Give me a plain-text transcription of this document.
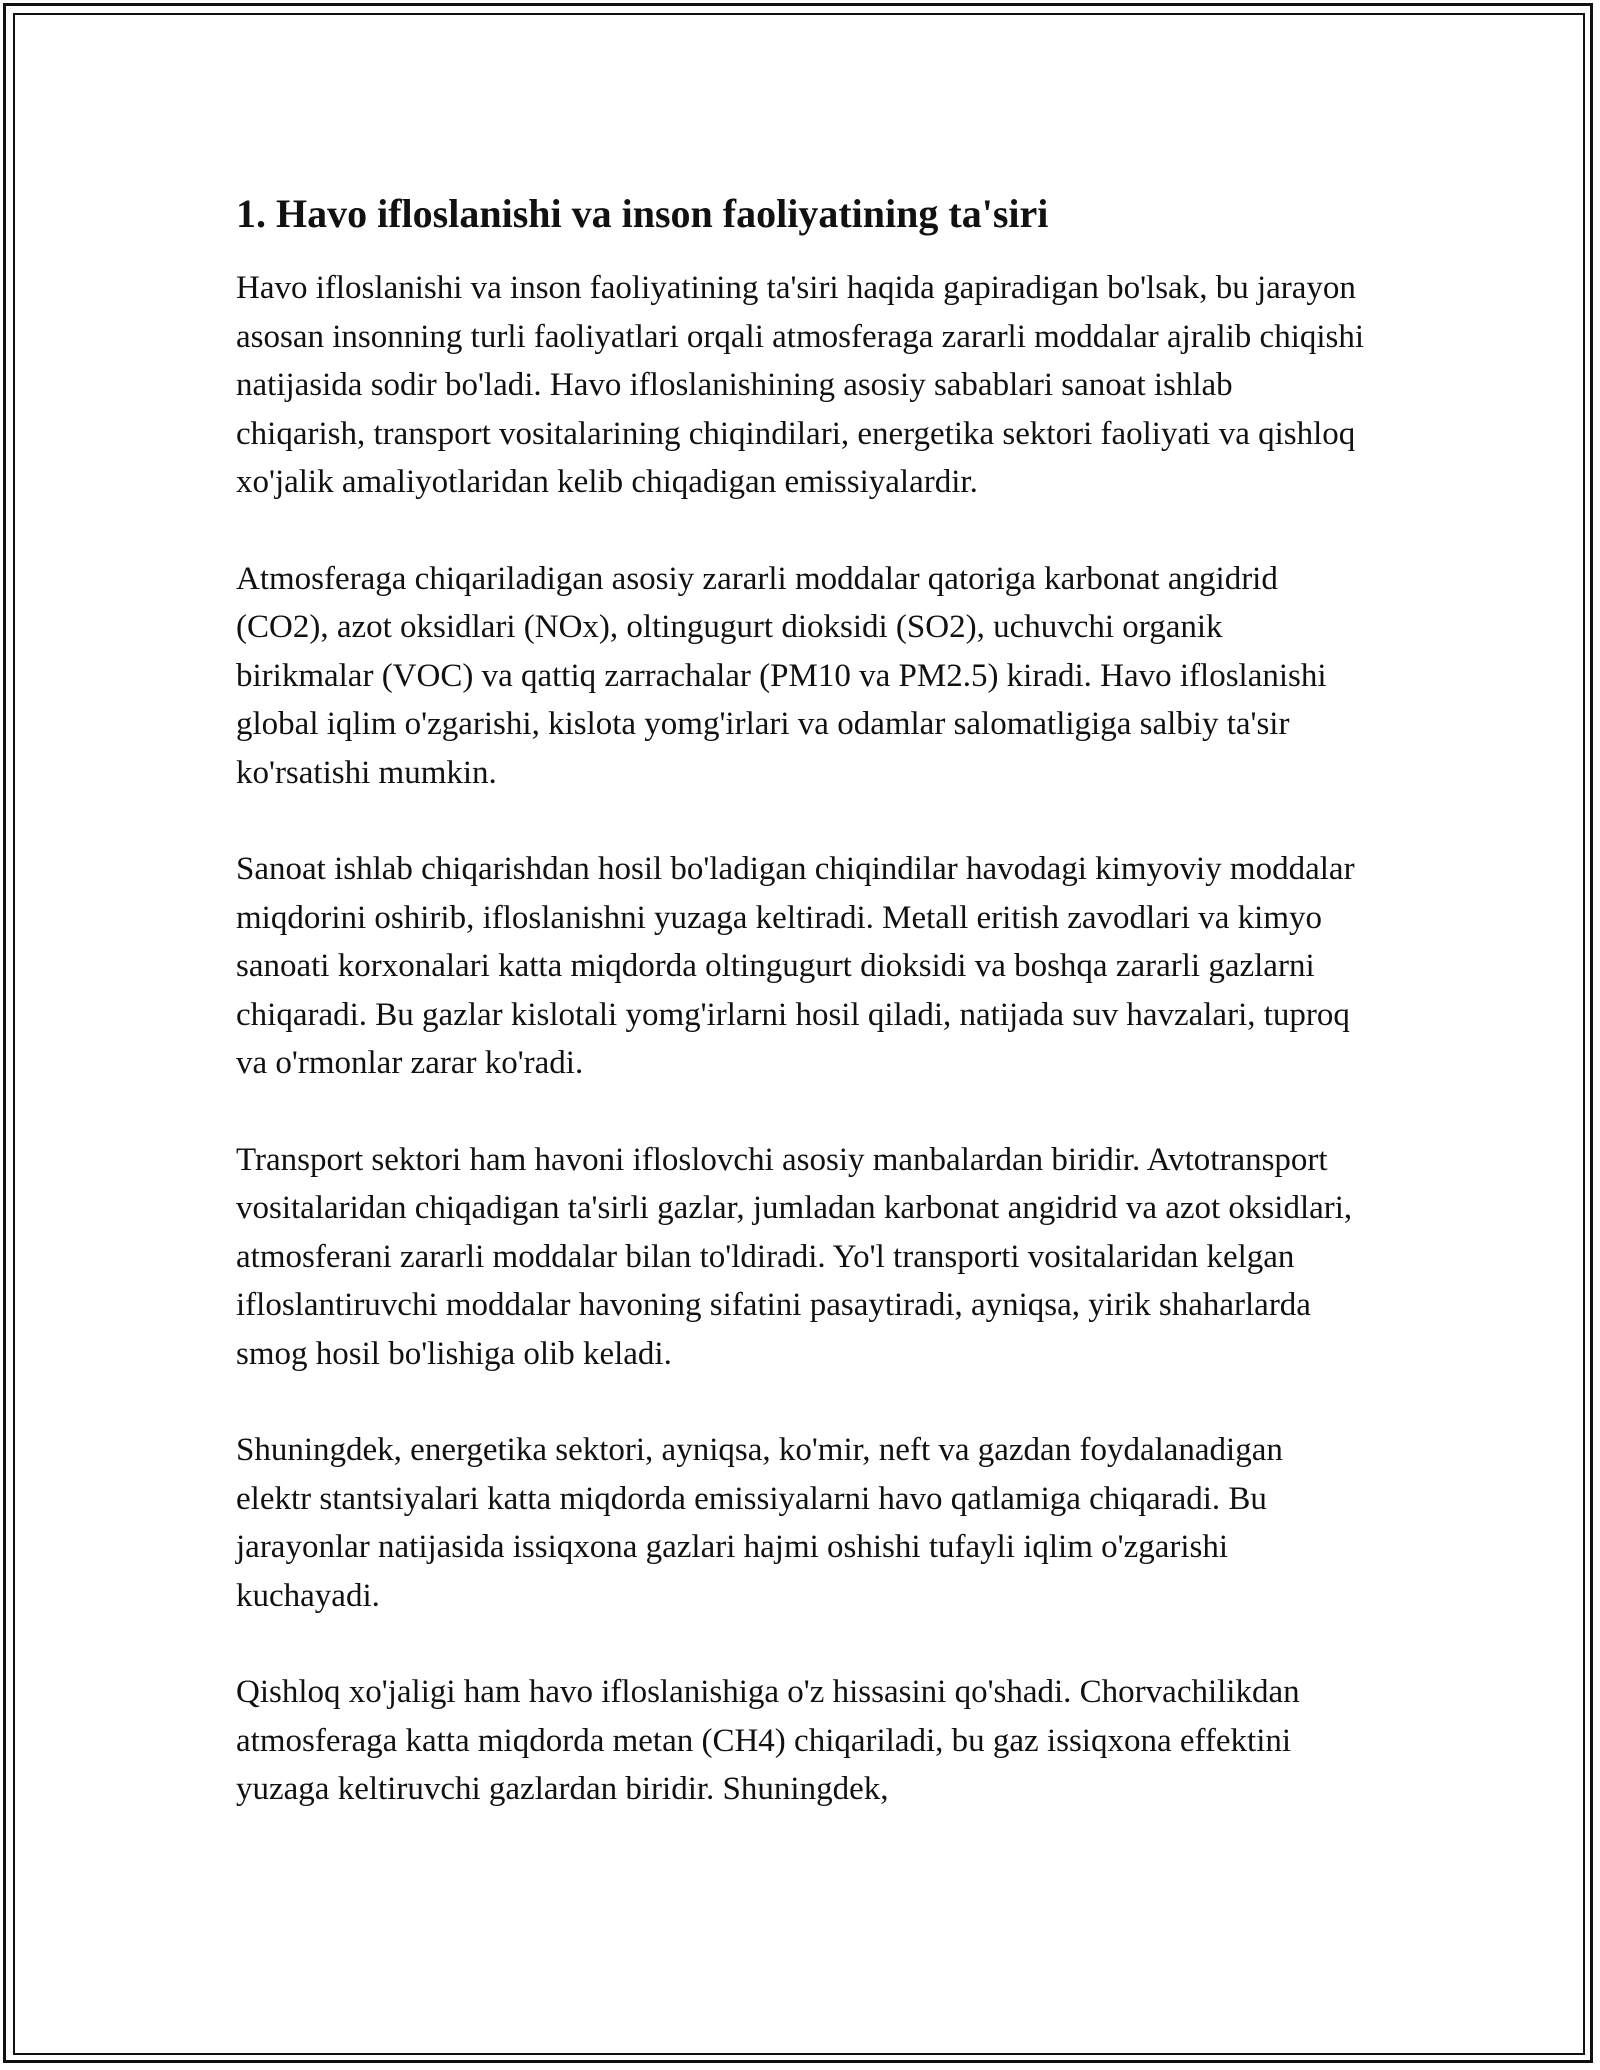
1. Havo ifloslanishi va inson faoliyatining ta'siri

Havo ifloslanishi va inson faoliyatining ta'siri haqida gapiradigan bo'lsak, bu jarayon asosan insonning turli faoliyatlari orqali atmosferaga zararli moddalar ajralib chiqishi natijasida sodir bo'ladi. Havo ifloslanishining asosiy sabablari sanoat ishlab chiqarish, transport vositalarining chiqindilari, energetika sektori faoliyati va qishloq xo'jalik amaliyotlaridan kelib chiqadigan emissiyalardir.

Atmosferaga chiqariladigan asosiy zararli moddalar qatoriga karbonat angidrid (CO2), azot oksidlari (NOx), oltingugurt dioksidi (SO2), uchuvchi organik birikmalar (VOC) va qattiq zarrachalar (PM10 va PM2.5) kiradi. Havo ifloslanishi global iqlim o'zgarishi, kislota yomg'irlari va odamlar salomatligiga salbiy ta'sir ko'rsatishi mumkin.

Sanoat ishlab chiqarishdan hosil bo'ladigan chiqindilar havodagi kimyoviy moddalar miqdorini oshirib, ifloslanishni yuzaga keltiradi. Metall eritish zavodlari va kimyo sanoati korxonalari katta miqdorda oltingugurt dioksidi va boshqa zararli gazlarni chiqaradi. Bu gazlar kislotali yomg'irlarni hosil qiladi, natijada suv havzalari, tuproq va o'rmonlar zarar ko'radi.

Transport sektori ham havoni ifloslovchi asosiy manbalardan biridir. Avtotransport vositalaridan chiqadigan ta'sirli gazlar, jumladan karbonat angidrid va azot oksidlari, atmosferani zararli moddalar bilan to'ldiradi. Yo'l transporti vositalaridan kelgan ifloslantiruvchi moddalar havoning sifatini pasaytiradi, ayniqsa, yirik shaharlarda smog hosil bo'lishiga olib keladi.

Shuningdek, energetika sektori, ayniqsa, ko'mir, neft va gazdan foydalanadigan elektr stantsiyalari katta miqdorda emissiyalarni havo qatlamiga chiqaradi. Bu jarayonlar natijasida issiqxona gazlari hajmi oshishi tufayli iqlim o'zgarishi kuchayadi.

Qishloq xo'jaligi ham havo ifloslanishiga o'z hissasini qo'shadi. Chorvachilikdan atmosferaga katta miqdorda metan (CH4) chiqariladi, bu gaz issiqxona effektini yuzaga keltiruvchi gazlardan biridir. Shuningdek,
